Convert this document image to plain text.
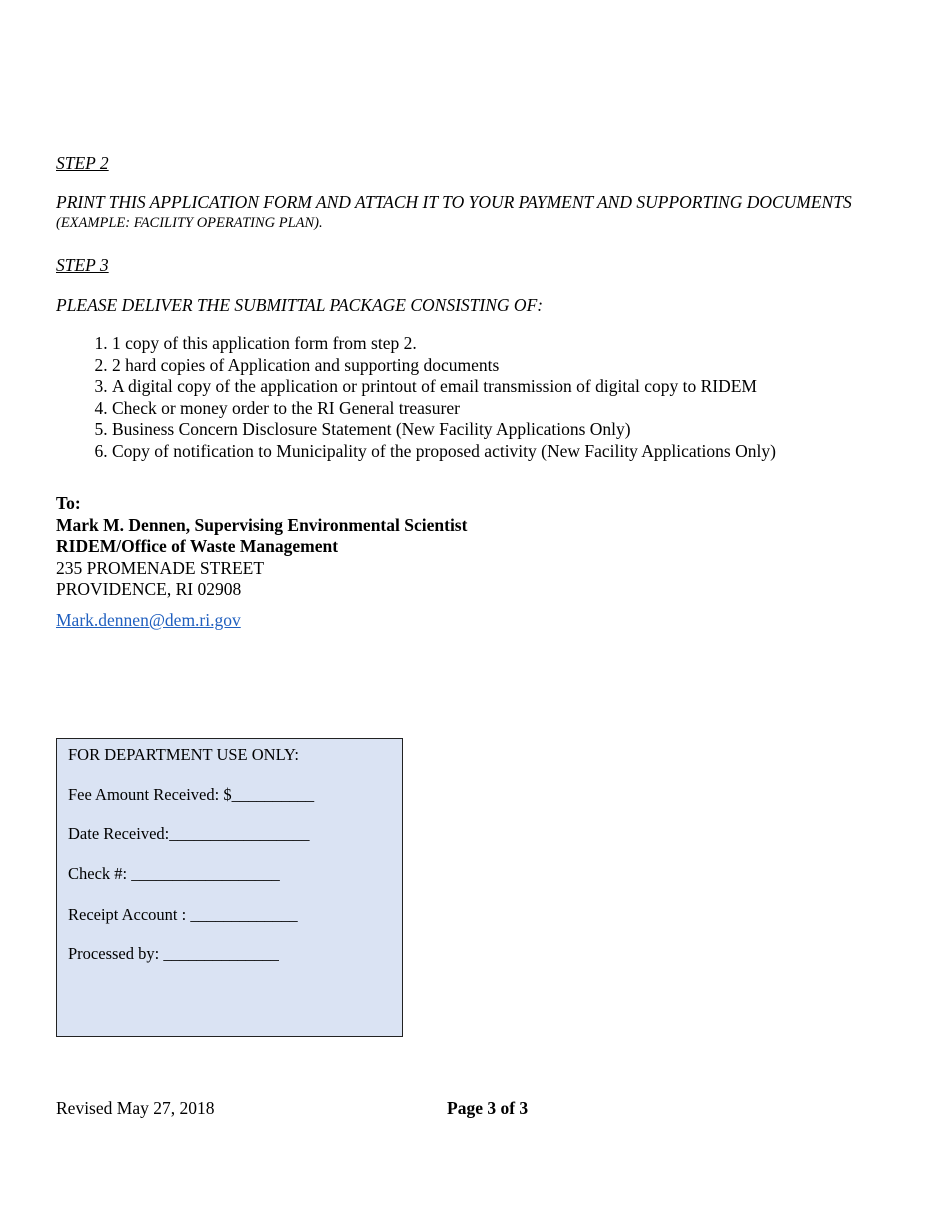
STEP 2
PRINT THIS APPLICATION FORM AND ATTACH IT TO YOUR PAYMENT AND SUPPORTING DOCUMENTS
(EXAMPLE: FACILITY OPERATING PLAN).
STEP 3
PLEASE DELIVER THE SUBMITTAL PACKAGE CONSISTING OF:
1. 1 copy of this application form from step 2.
2. 2 hard copies of Application and supporting documents
3. A digital copy of the application or printout of email transmission of digital copy to RIDEM
4. Check or money order to the RI General treasurer
5. Business Concern Disclosure Statement (New Facility Applications Only)
6. Copy of notification to Municipality of the proposed activity (New Facility Applications Only)
To:
Mark M. Dennen, Supervising Environmental Scientist
RIDEM/Office of Waste Management
235 PROMENADE STREET
PROVIDENCE, RI 02908
Mark.dennen@dem.ri.gov
FOR DEPARTMENT USE ONLY:
Fee Amount Received: $__________
Date Received:_________________
Check #: __________________
Receipt Account : _____________
Processed by: ______________
Revised May 27, 2018	Page 3 of 3
